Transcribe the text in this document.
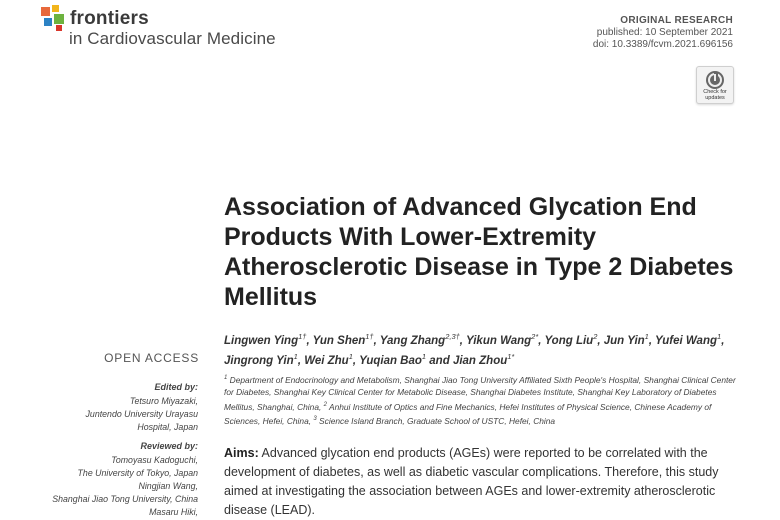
frontiers
in Cardiovascular Medicine
ORIGINAL RESEARCH
published: 10 September 2021
doi: 10.3389/fcvm.2021.696156
Check for updates
Association of Advanced Glycation End Products With Lower-Extremity Atherosclerotic Disease in Type 2 Diabetes Mellitus
Lingwen Ying$^{1\dagger}$, Yun Shen$^{1\dagger}$, Yang Zhang$^{2,3\dagger}$, Yikun Wang$^{2*}$, Yong Liu$^2$, Jun Yin$^1$, Yufei Wang$^1$, Jingrong Yin$^1$, Wei Zhu$^1$, Yuqian Bao$^1$ and Jian Zhou$^{1*}$
$^1$ Department of Endocrinology and Metabolism, Shanghai Jiao Tong University Affiliated Sixth People's Hospital, Shanghai Clinical Center for Diabetes, Shanghai Key Clinical Center for Metabolic Disease, Shanghai Diabetes Institute, Shanghai Key Laboratory of Diabetes Mellitus, Shanghai, China, $^2$ Anhui Institute of Optics and Fine Mechanics, Hefei Institutes of Physical Science, Chinese Academy of Sciences, Hefei, China, $^3$ Science Island Branch, Graduate School of USTC, Hefei, China
Aims: Advanced glycation end products (AGEs) were reported to be correlated with the development of diabetes, as well as diabetic vascular complications. Therefore, this study aimed at investigating the association between AGEs and lower-extremity atherosclerotic disease (LEAD).
OPEN ACCESS
Edited by:
Tetsuro Miyazaki,
Juntendo University Urayasu
Hospital, Japan
Reviewed by:
Tomoyasu Kadoguchi,
The University of Tokyo, Japan
Ningjian Wang,
Shanghai Jiao Tong University, China
Masaru Hiki,
